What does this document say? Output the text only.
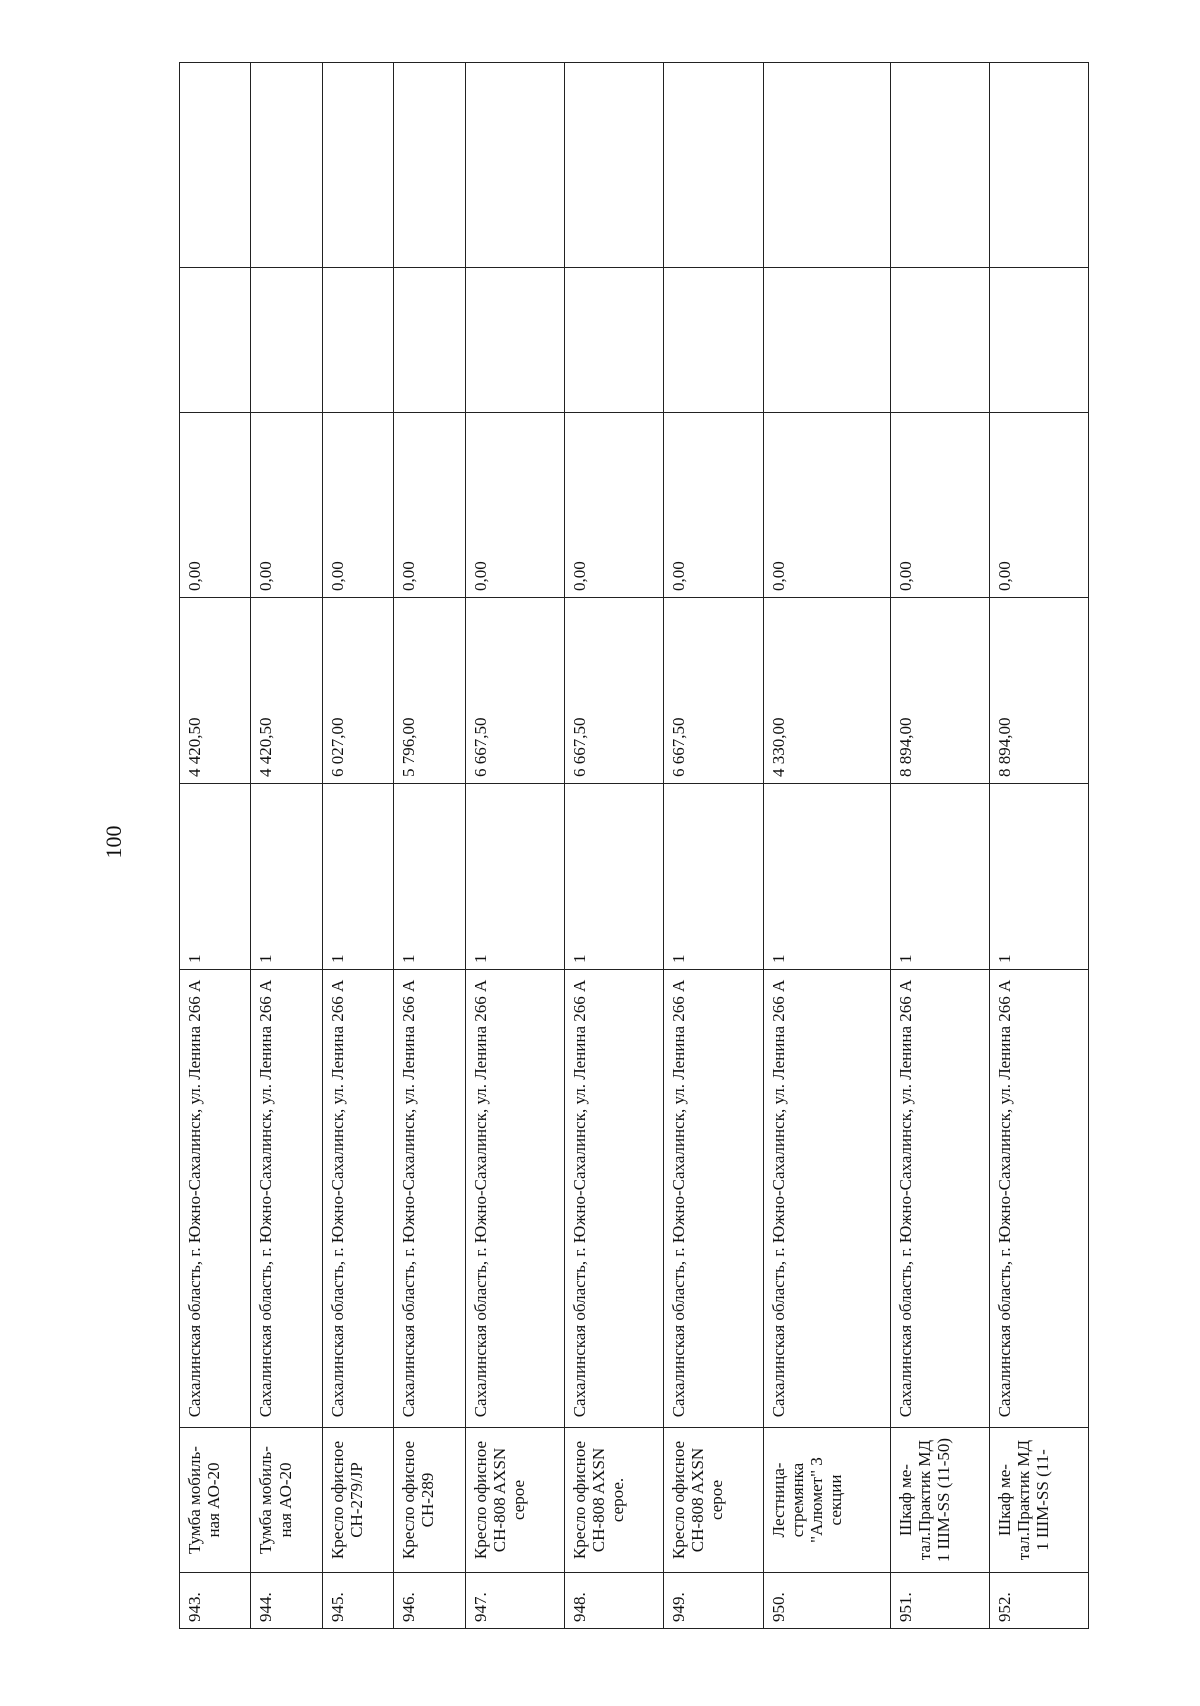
100
943.	Тумба мобиль-ная АО-20	Сахалинская область, г. Южно-Сахалинск, ул. Ленина 266 А	1	4 420,50	0,00		
944.	Тумба мобиль-ная АО-20	Сахалинская область, г. Южно-Сахалинск, ул. Ленина 266 А	1	4 420,50	0,00		
945.	Кресло офисное CH-279/JP	Сахалинская область, г. Южно-Сахалинск, ул. Ленина 266 А	1	6 027,00	0,00		
946.	Кресло офисное CH-289	Сахалинская область, г. Южно-Сахалинск, ул. Ленина 266 А	1	5 796,00	0,00		
947.	Кресло офисное CH-808 AXSN серое	Сахалинская область, г. Южно-Сахалинск, ул. Ленина 266 А	1	6 667,50	0,00		
948.	Кресло офисное CH-808 AXSN серое.	Сахалинская область, г. Южно-Сахалинск, ул. Ленина 266 А	1	6 667,50	0,00		
949.	Кресло офисное CH-808 AXSN серое	Сахалинская область, г. Южно-Сахалинск, ул. Ленина 266 А	1	6 667,50	0,00		
950.	Лестница-стремянка "Алюмет" 3 секции	Сахалинская область, г. Южно-Сахалинск, ул. Ленина 266 А	1	4 330,00	0,00		
951.	Шкаф ме-тал.Практик МД 1 ШМ-SS (11-50)	Сахалинская область, г. Южно-Сахалинск, ул. Ленина 266 А	1	8 894,00	0,00		
952.	Шкаф ме-тал.Практик МД 1 ШМ-SS (11-	Сахалинская область, г. Южно-Сахалинск, ул. Ленина 266 А	1	8 894,00	0,00		
